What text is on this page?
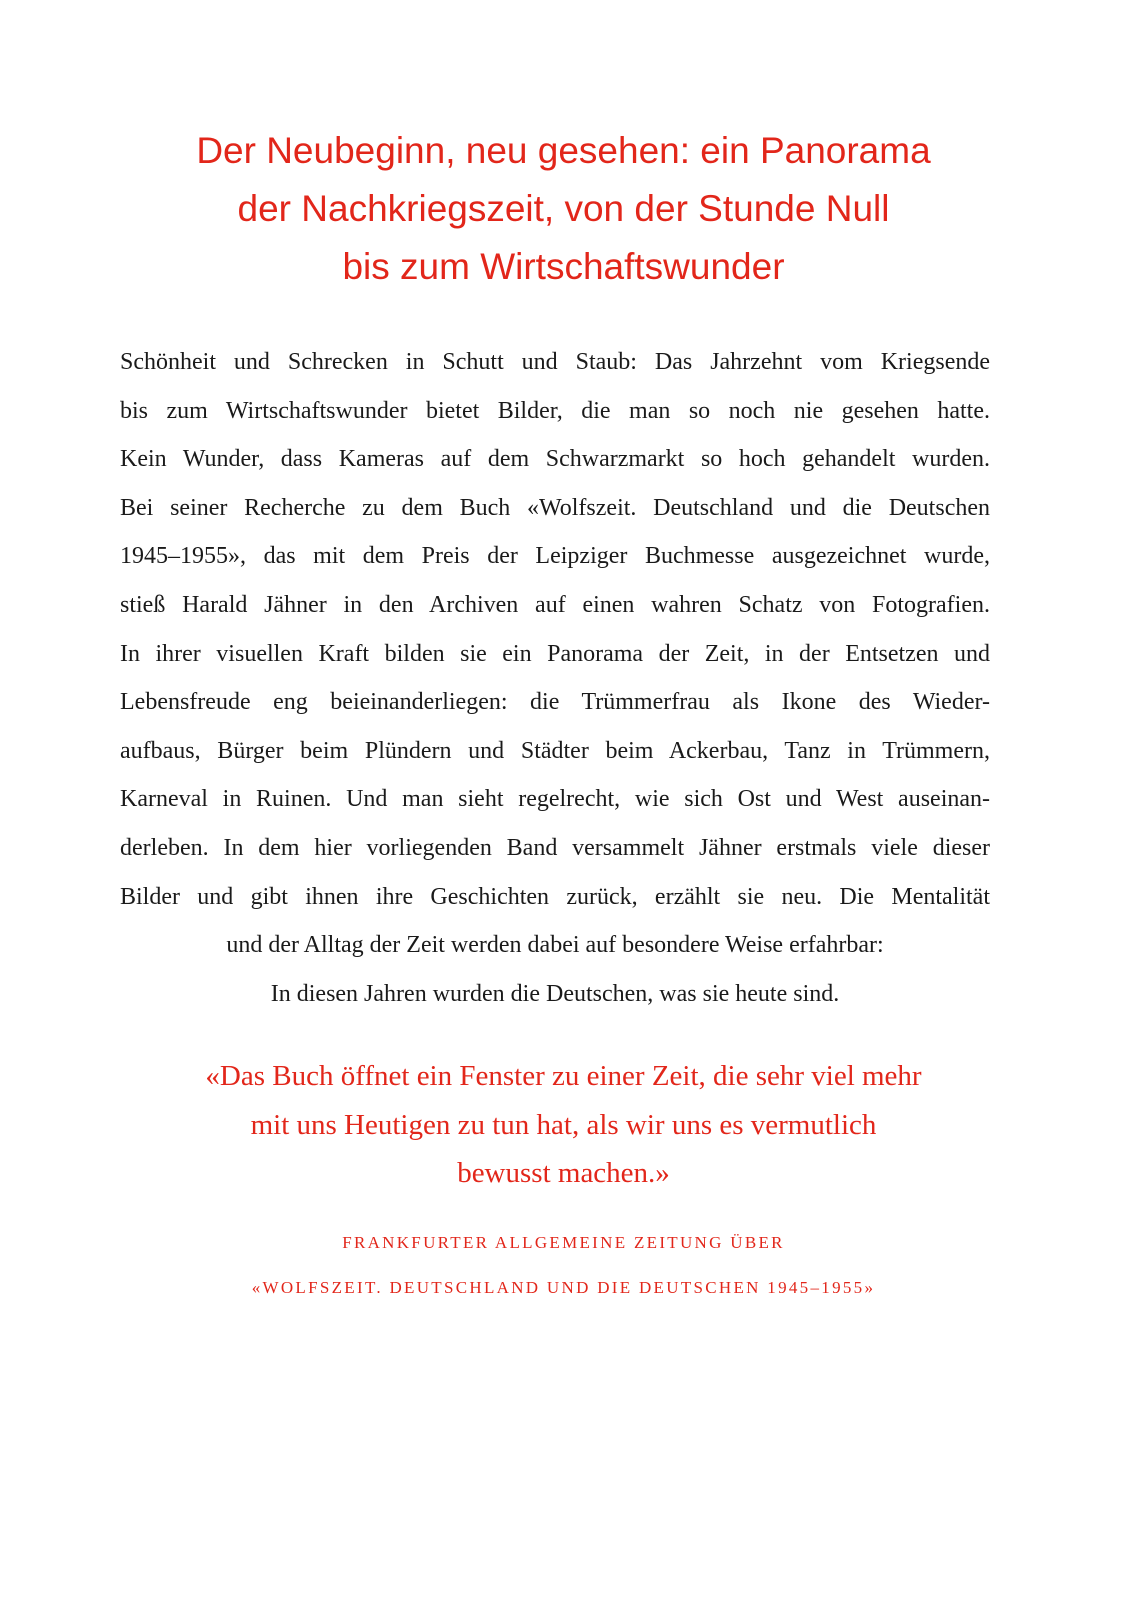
Der Neubeginn, neu gesehen: ein Panorama
der Nachkriegszeit, von der Stunde Null
bis zum Wirtschaftswunder
Schönheit und Schrecken in Schutt und Staub: Das Jahrzehnt vom Kriegsende
bis zum Wirtschaftswunder bietet Bilder, die man so noch nie gesehen hatte.
Kein Wunder, dass Kameras auf dem Schwarzmarkt so hoch gehandelt wurden.
Bei seiner Recherche zu dem Buch «Wolfszeit. Deutschland und die Deutschen
1945–1955», das mit dem Preis der Leipziger Buchmesse ausgezeichnet wurde,
stieß Harald Jähner in den Archiven auf einen wahren Schatz von Fotografien.
In ihrer visuellen Kraft bilden sie ein Panorama der Zeit, in der Entsetzen und
Lebensfreude eng beieinanderliegen: die Trümmerfrau als Ikone des Wieder-
aufbaus, Bürger beim Plündern und Städter beim Ackerbau, Tanz in Trümmern,
Karneval in Ruinen. Und man sieht regelrecht, wie sich Ost und West auseinan-
derleben. In dem hier vorliegenden Band versammelt Jähner erstmals viele dieser
Bilder und gibt ihnen ihre Geschichten zurück, erzählt sie neu. Die Mentalität
und der Alltag der Zeit werden dabei auf besondere Weise erfahrbar:
In diesen Jahren wurden die Deutschen, was sie heute sind.
«Das Buch öffnet ein Fenster zu einer Zeit, die sehr viel mehr
mit uns Heutigen zu tun hat, als wir uns es vermutlich
bewusst machen.»
FRANKFURTER ALLGEMEINE ZEITUNG ÜBER
«WOLFSZEIT. DEUTSCHLAND UND DIE DEUTSCHEN 1945–1955»
